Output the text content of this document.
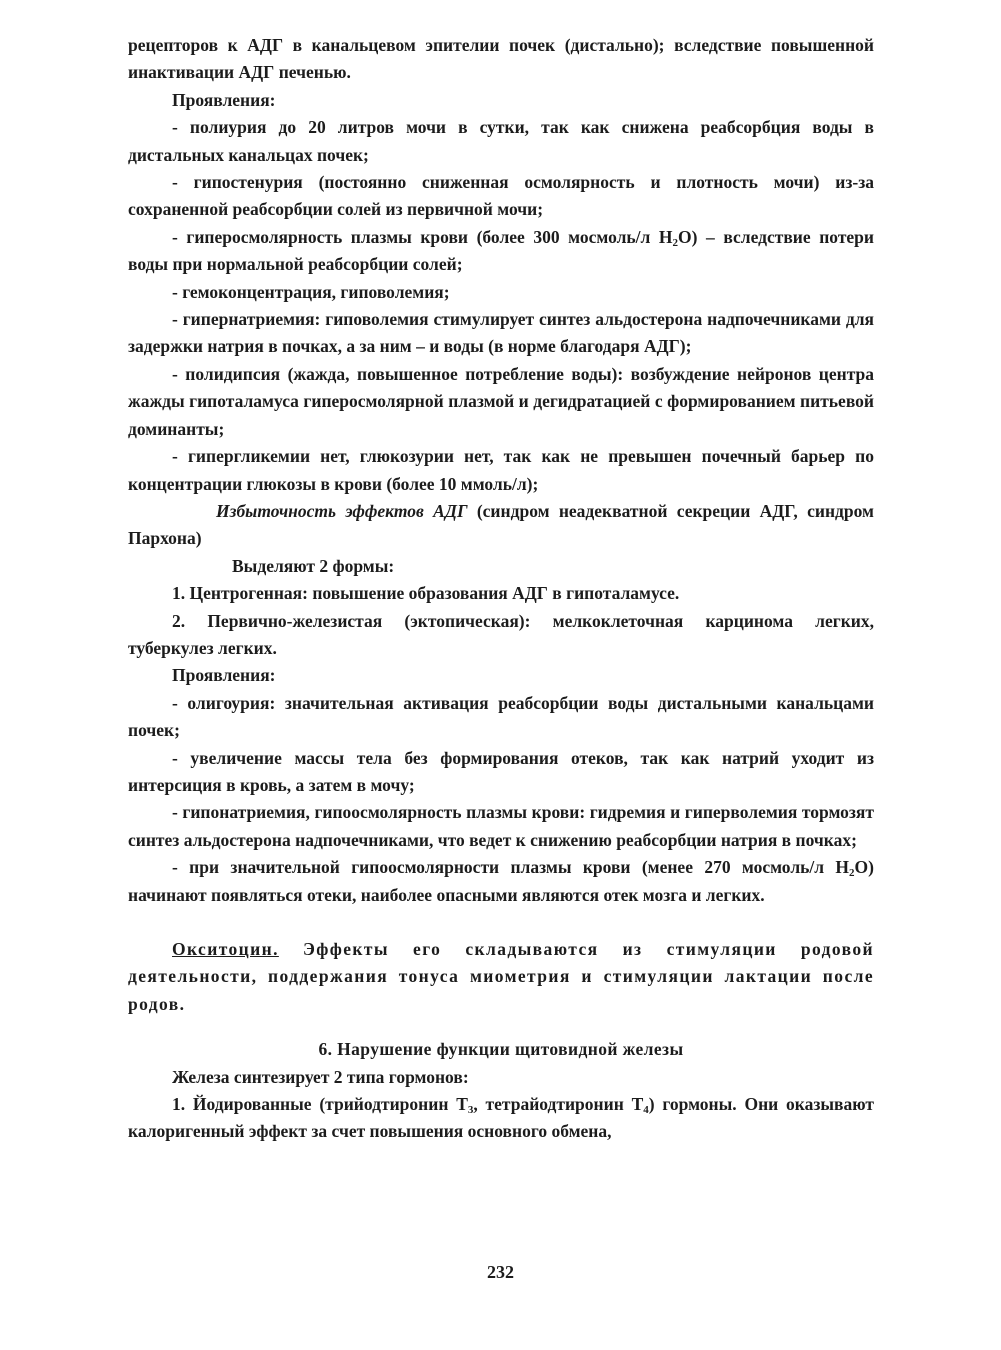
рецепторов к АДГ в канальцевом эпителии почек (дистально); вследствие повышенной инактивации АДГ печенью.

Проявления:

- полиурия до 20 литров мочи в сутки, так как снижена реабсорбция воды в дистальных канальцах почек;

- гипостенурия (постоянно сниженная осмолярность и плотность мочи) из-за сохраненной реабсорбции солей из первичной мочи;

- гиперосмолярность плазмы крови (более 300 мосмоль/л $H_2O$) – вследствие потери воды при нормальной реабсорбции солей;

- гемоконцентрация, гиповолемия;

- гипернатриемия: гиповолемия стимулирует синтез альдостерона надпочечниками для задержки натрия в почках, а за ним – и воды (в норме благодаря АДГ);

- полидипсия (жажда, повышенное потребление воды): возбуждение нейронов центра жажды гипоталамуса гиперосмолярной плазмой и дегидратацией с формированием питьевой доминанты;

- гипергликемии нет, глюкозурии нет, так как не превышен почечный барьер по концентрации глюкозы в крови (более 10 ммоль/л);

Избыточность эффектов АДГ (синдром неадекватной секреции АДГ, синдром Пархона)

Выделяют 2 формы:

1. Центрогенная: повышение образования АДГ в гипоталамусе.

2. Первично-железистая (эктопическая): мелкоклеточная карцинома легких, туберкулез легких.

Проявления:

- олигоурия: значительная активация реабсорбции воды дистальными канальцами почек;

- увеличение массы тела без формирования отеков, так как натрий уходит из интерсиция в кровь, а затем в мочу;

- гипонатриемия, гипоосмолярность плазмы крови: гидремия и гиперволемия тормозят синтез альдостерона надпочечниками, что ведет к снижению реабсорбции натрия в почках;

- при значительной гипоосмолярности плазмы крови (менее 270 мосмоль/л $H_2O$) начинают появляться отеки, наиболее опасными являются отек мозга и легких.

Окситоцин. Эффекты его складываются из стимуляции родовой деятельности, поддержания тонуса миометрия и стимуляции лактации после родов.

6. Нарушение функции щитовидной железы

Железа синтезирует 2 типа гормонов:

1. Йодированные (трийодтиронин $Т_3$, тетрайодтиронин $Т_4$) гормоны. Они оказывают калоригенный эффект за счет повышения основного обмена,

232
